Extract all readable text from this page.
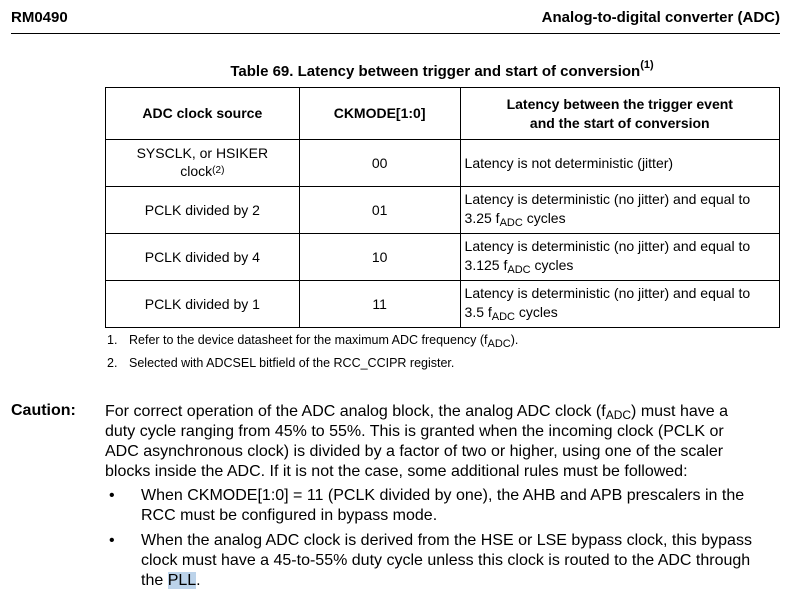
RM0490	Analog-to-digital converter (ADC)
Table 69. Latency between trigger and start of conversion$^{(1)}$
ADC clock source	CKMODE[1:0]	Latency between the trigger event
and the start of conversion
SYSCLK, or HSIKER
clock$^{(2)}$	00	Latency is not deterministic (jitter)
PCLK divided by 2	01	Latency is deterministic (no jitter) and equal to
3.25 $f_{ADC}$ cycles
PCLK divided by 4	10	Latency is deterministic (no jitter) and equal to
3.125 $f_{ADC}$ cycles
PCLK divided by 1	11	Latency is deterministic (no jitter) and equal to
3.5 $f_{ADC}$ cycles
1. Refer to the device datasheet for the maximum ADC frequency $(f_{ADC})$.
2. Selected with ADCSEL bitfield of the RCC_CCIPR register.
Caution: For correct operation of the ADC analog block, the analog ADC clock $(f_{ADC})$ must have a
duty cycle ranging from 45% to 55%. This is granted when the incoming clock (PCLK or
ADC asynchronous clock) is divided by a factor of two or higher, using one of the scaler
blocks inside the ADC. If it is not the case, some additional rules must be followed:
• When CKMODE[1:0] = 11 (PCLK divided by one), the AHB and APB prescalers in the
RCC must be configured in bypass mode.
• When the analog ADC clock is derived from the HSE or LSE bypass clock, this bypass
clock must have a 45-to-55% duty cycle unless this clock is routed to the ADC through
the PLL.
